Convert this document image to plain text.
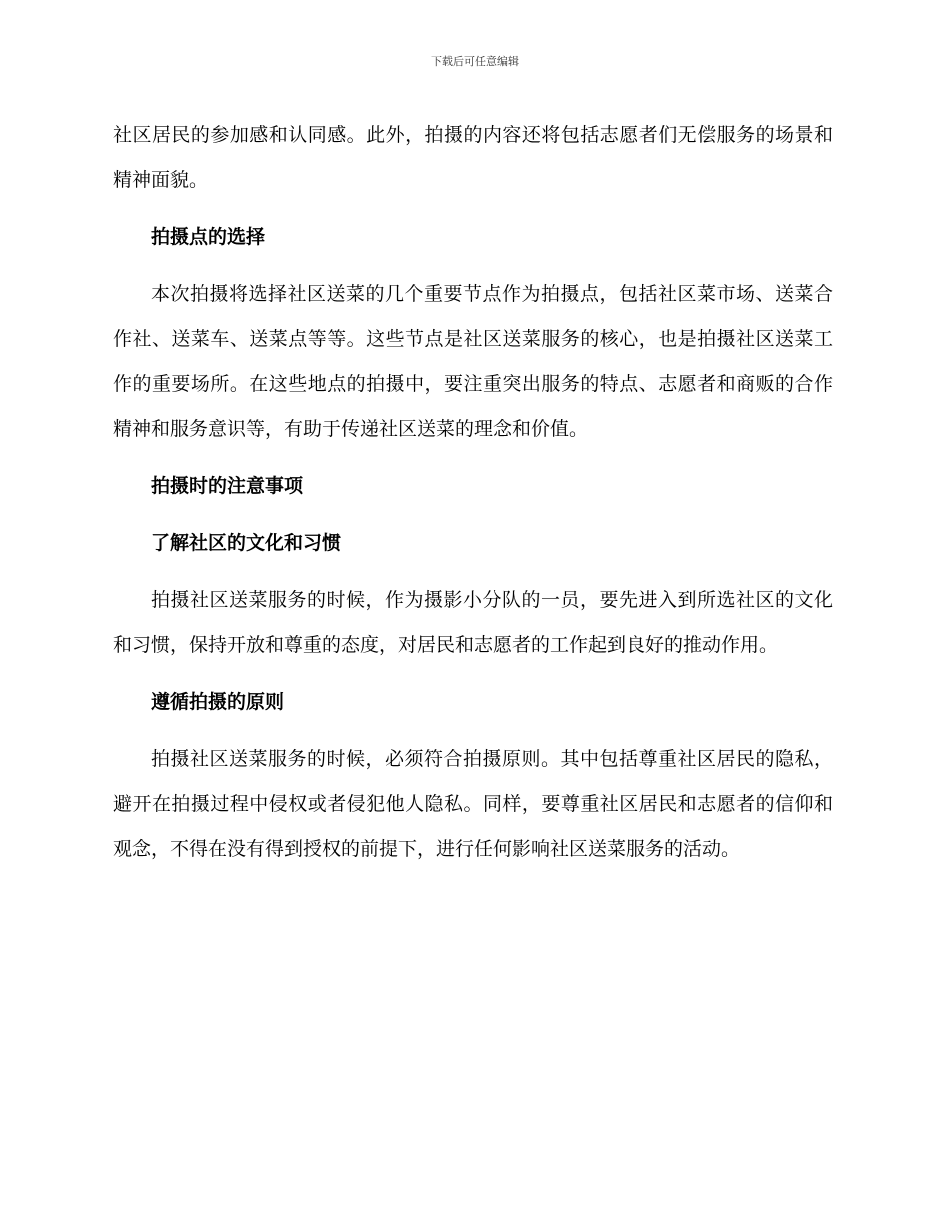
下载后可任意编辑

社区居民的参加感和认同感。此外，拍摄的内容还将包括志愿者们无偿服务的场景和精神面貌。

拍摄点的选择

本次拍摄将选择社区送菜的几个重要节点作为拍摄点，包括社区菜市场、送菜合作社、送菜车、送菜点等等。这些节点是社区送菜服务的核心，也是拍摄社区送菜工作的重要场所。在这些地点的拍摄中，要注重突出服务的特点、志愿者和商贩的合作精神和服务意识等，有助于传递社区送菜的理念和价值。

拍摄时的注意事项
了解社区的文化和习惯

拍摄社区送菜服务的时候，作为摄影小分队的一员，要先进入到所选社区的文化和习惯，保持开放和尊重的态度，对居民和志愿者的工作起到良好的推动作用。

遵循拍摄的原则

拍摄社区送菜服务的时候，必须符合拍摄原则。其中包括尊重社区居民的隐私，避开在拍摄过程中侵权或者侵犯他人隐私。同样，要尊重社区居民和志愿者的信仰和观念，不得在没有得到授权的前提下，进行任何影响社区送菜服务的活动。
